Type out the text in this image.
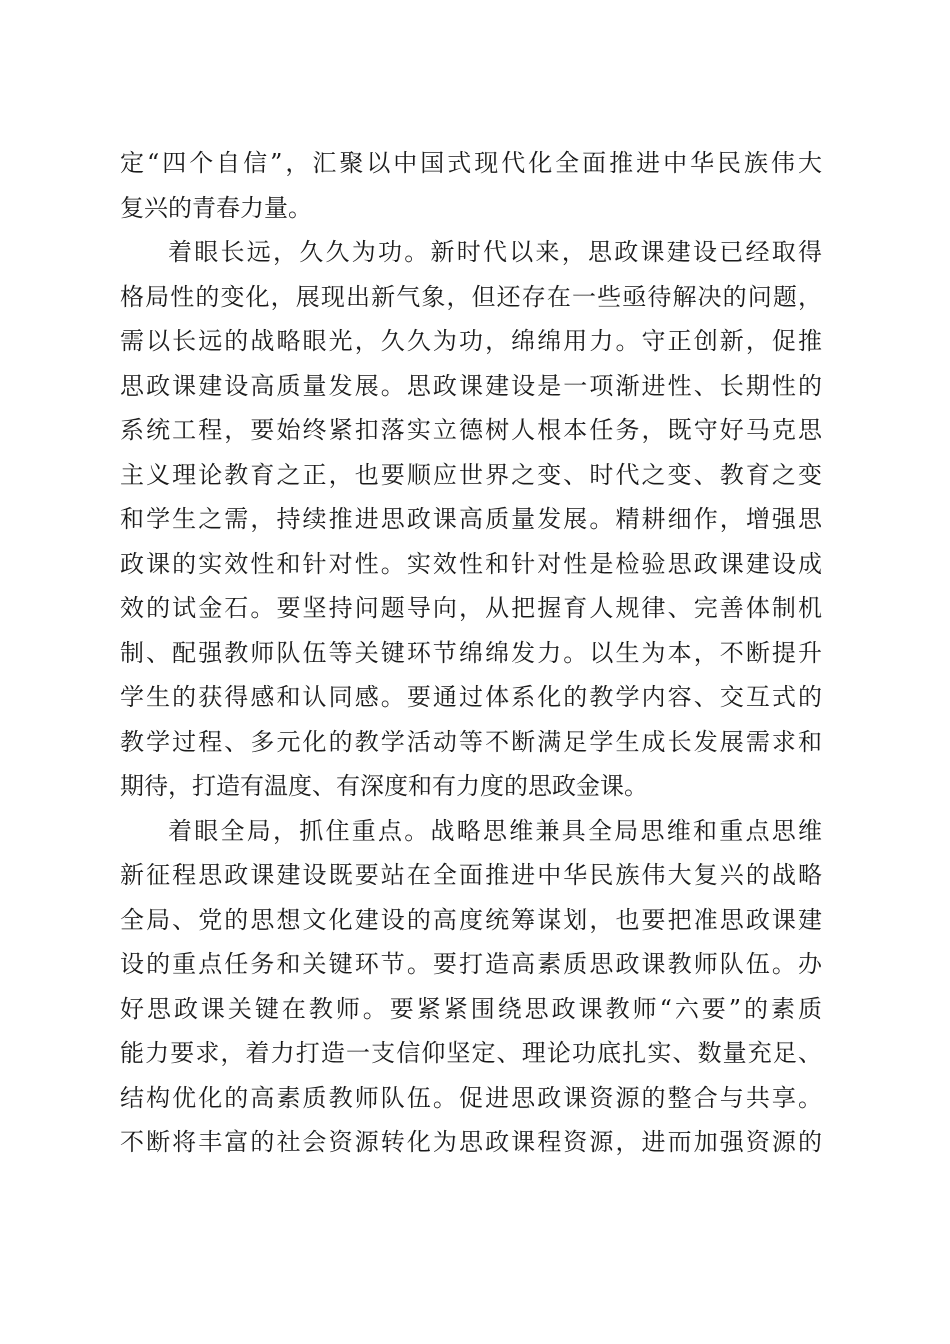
定“四个自信”，汇聚以中国式现代化全面推进中华民族伟大
复兴的青春力量。
着眼长远，久久为功。新时代以来，思政课建设已经取得
格局性的变化，展现出新气象，但还存在一些亟待解决的问题，
需以长远的战略眼光，久久为功，绵绵用力。守正创新，促推
思政课建设高质量发展。思政课建设是一项渐进性、长期性的
系统工程，要始终紧扣落实立德树人根本任务，既守好马克思
主义理论教育之正，也要顺应世界之变、时代之变、教育之变
和学生之需，持续推进思政课高质量发展。精耕细作，增强思
政课的实效性和针对性。实效性和针对性是检验思政课建设成
效的试金石。要坚持问题导向，从把握育人规律、完善体制机
制、配强教师队伍等关键环节绵绵发力。以生为本，不断提升
学生的获得感和认同感。要通过体系化的教学内容、交互式的
教学过程、多元化的教学活动等不断满足学生成长发展需求和
期待，打造有温度、有深度和有力度的思政金课。
着眼全局，抓住重点。战略思维兼具全局思维和重点思维
新征程思政课建设既要站在全面推进中华民族伟大复兴的战略
全局、党的思想文化建设的高度统筹谋划，也要把准思政课建
设的重点任务和关键环节。要打造高素质思政课教师队伍。办
好思政课关键在教师。要紧紧围绕思政课教师“六要”的素质
能力要求，着力打造一支信仰坚定、理论功底扎实、数量充足、
结构优化的高素质教师队伍。促进思政课资源的整合与共享。
不断将丰富的社会资源转化为思政课程资源，进而加强资源的
